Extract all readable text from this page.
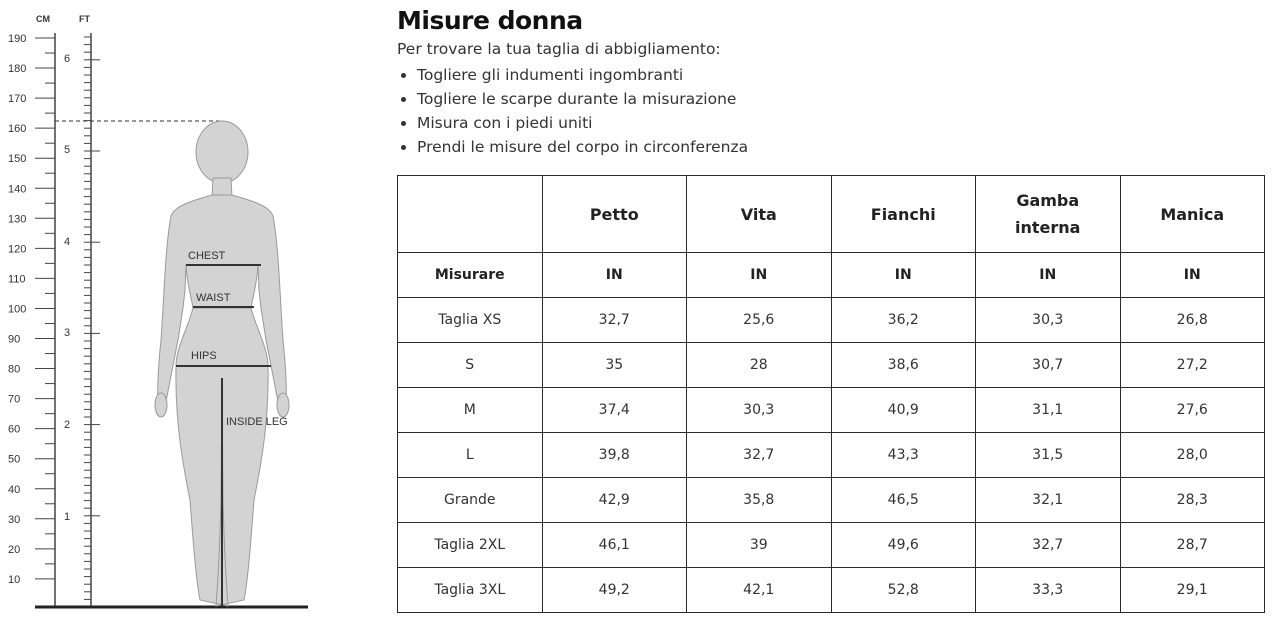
CM	FT
190
180
170
160
150
140
130
120
110
100
90
80
70
60
50
40
30
20
10
6
5
4
3
2
1
CHEST
WAIST
HIPS
INSIDE LEG
Misure donna

Per trovare la tua taglia di abbigliamento:

• Togliere gli indumenti ingombranti
• Togliere le scarpe durante la misurazione
• Misura con i piedi uniti
• Prendi le misure del corpo in circonferenza
	Petto	Vita	Fianchi	Gamba interna	Manica
Misurare	IN	IN	IN	IN	IN
Taglia XS	32,7	25,6	36,2	30,3	26,8
S	35	28	38,6	30,7	27,2
M	37,4	30,3	40,9	31,1	27,6
L	39,8	32,7	43,3	31,5	28,0
Grande	42,9	35,8	46,5	32,1	28,3
Taglia 2XL	46,1	39	49,6	32,7	28,7
Taglia 3XL	49,2	42,1	52,8	33,3	29,1
